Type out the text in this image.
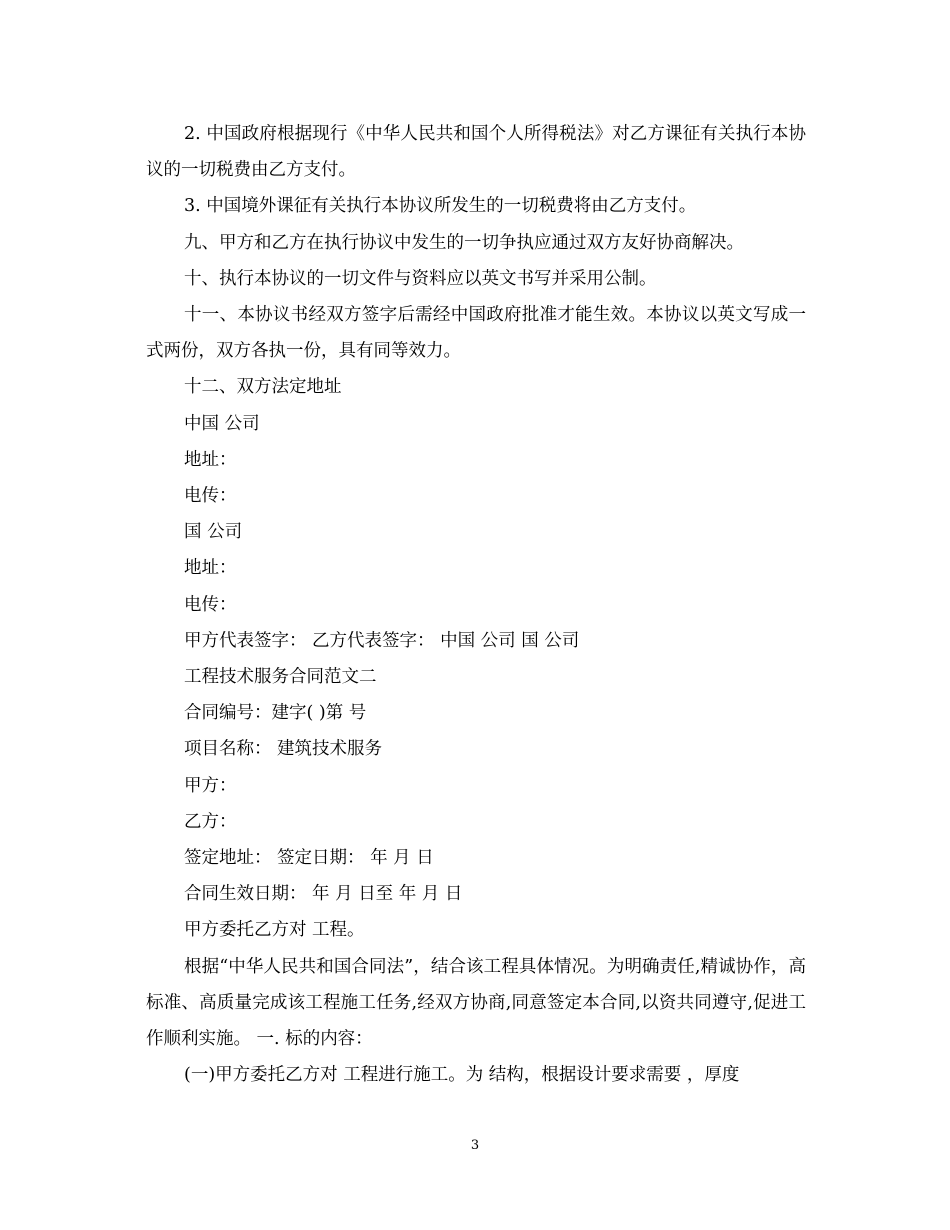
2. 中国政府根据现行《中华人民共和国个人所得税法》对乙方课征有关执行本协议的一切税费由乙方支付。

3. 中国境外课征有关执行本协议所发生的一切税费将由乙方支付。

九、甲方和乙方在执行协议中发生的一切争执应通过双方友好协商解决。

十、执行本协议的一切文件与资料应以英文书写并采用公制。

十一、本协议书经双方签字后需经中国政府批准才能生效。本协议以英文写成一式两份，双方各执一份，具有同等效力。

十二、双方法定地址

中国 公司

地址：

电传：

国 公司

地址：

电传：

甲方代表签字： 乙方代表签字： 中国 公司 国 公司

工程技术服务合同范文二

合同编号：建字( )第 号

项目名称： 建筑技术服务

甲方：

乙方：

签定地址： 签定日期： 年 月 日

合同生效日期： 年 月 日至 年 月 日

甲方委托乙方对 工程。

根据“中华人民共和国合同法”，结合该工程具体情况。为明确责任,精诚协作，高标准、高质量完成该工程施工任务,经双方协商,同意签定本合同,以资共同遵守,促进工作顺利实施。 一. 标的内容：

(一)甲方委托乙方对 工程进行施工。为 结构，根据设计要求需要 ，厚度

3
